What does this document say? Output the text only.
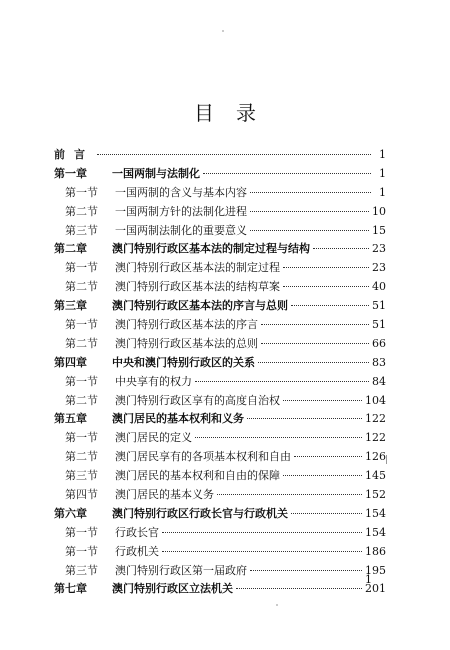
目录
前言	1
第一章	一国两制与法制化	1
第一节	一国两制的含义与基本内容	1
第二节	一国两制方针的法制化进程	10
第三节	一国两制法制化的重要意义	15
第二章	澳门特别行政区基本法的制定过程与结构	23
第一节	澳门特别行政区基本法的制定过程	23
第二节	澳门特别行政区基本法的结构草案	40
第三章	澳门特别行政区基本法的序言与总则	51
第一节	澳门特别行政区基本法的序言	51
第二节	澳门特别行政区基本法的总则	66
第四章	中央和澳门特别行政区的关系	83
第一节	中央享有的权力	84
第二节	澳门特别行政区享有的高度自治权	104
第五章	澳门居民的基本权利和义务	122
第一节	澳门居民的定义	122
第二节	澳门居民享有的各项基本权利和自由	126
第三节	澳门居民的基本权利和自由的保障	145
第四节	澳门居民的基本义务	152
第六章	澳门特别行政区行政长官与行政机关	154
第一节	行政长官	154
第一节	行政机关	186
第三节	澳门特别行政区第一届政府	195
第七章	澳门特别行政区立法机关	201
1
